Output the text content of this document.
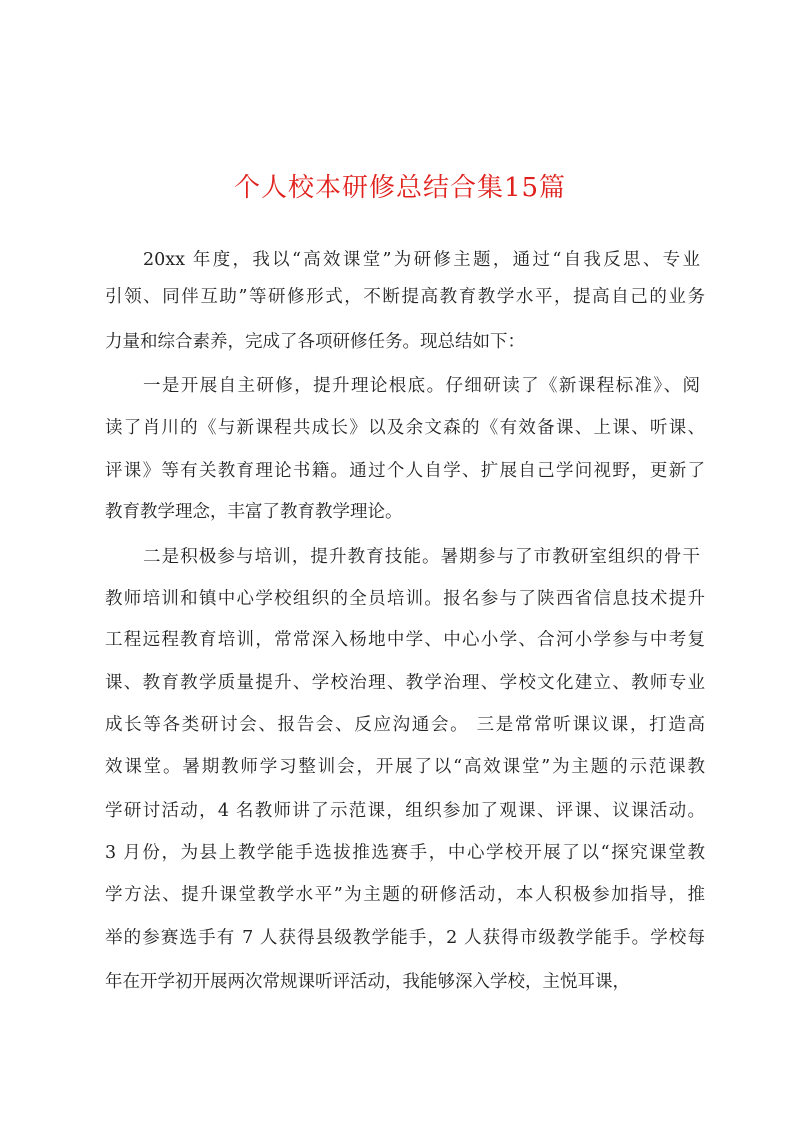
个人校本研修总结合集15篇
20xx 年度，我以“高效课堂”为研修主题，通过“自我反思、专业
引领、同伴互助”等研修形式，不断提高教育教学水平，提高自己的业务
力量和综合素养，完成了各项研修任务。现总结如下：
一是开展自主研修，提升理论根底。仔细研读了《新课程标准》、阅
读了肖川的《与新课程共成长》以及余文森的《有效备课、上课、听课、
评课》等有关教育理论书籍。通过个人自学、扩展自己学问视野，更新了
教育教学理念，丰富了教育教学理论。
二是积极参与培训，提升教育技能。暑期参与了市教研室组织的骨干
教师培训和镇中心学校组织的全员培训。报名参与了陕西省信息技术提升
工程远程教育培训，常常深入杨地中学、中心小学、合河小学参与中考复
课、教育教学质量提升、学校治理、教学治理、学校文化建立、教师专业
成长等各类研讨会、报告会、反应沟通会。 三是常常听课议课，打造高
效课堂。暑期教师学习整训会，开展了以“高效课堂”为主题的示范课教
学研讨活动，4 名教师讲了示范课，组织参加了观课、评课、议课活动。
3 月份，为县上教学能手选拔推选赛手，中心学校开展了以“探究课堂教
学方法、提升课堂教学水平”为主题的研修活动，本人积极参加指导，推
举的参赛选手有 7 人获得县级教学能手，2 人获得市级教学能手。学校每
年在开学初开展两次常规课听评活动，我能够深入学校，主悦耳课，
